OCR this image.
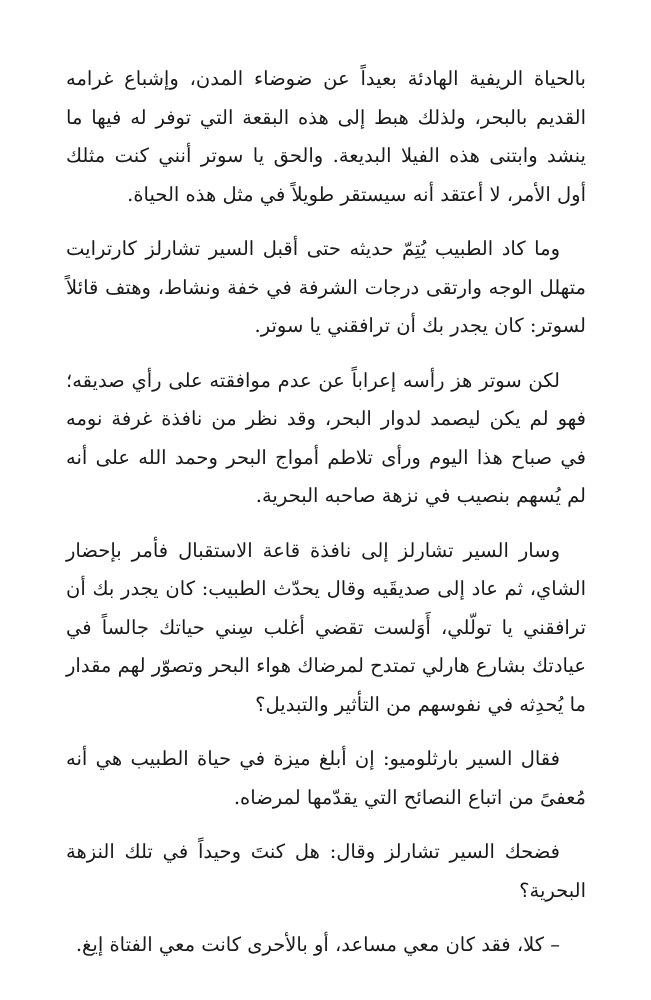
بالحياة الريفية الهادئة بعيداً عن ضوضاء المدن، وإشباع غرامه القديم بالبحر، ولذلك هبط إلى هذه البقعة التي توفر له فيها ما ينشد وابتنى هذه الفيلا البديعة. والحق يا سوتر أنني كنت مثلك أول الأمر، لا أعتقد أنه سيستقر طويلاً في مثل هذه الحياة.

وما كاد الطبيب يُتِمّ حديثه حتى أقبل السير تشارلز كارترايت متهلل الوجه وارتقى درجات الشرفة في خفة ونشاط، وهتف قائلاً لسوتر: كان يجدر بك أن ترافقني يا سوتر.

لكن سوتر هز رأسه إعراباً عن عدم موافقته على رأي صديقه؛ فهو لم يكن ليصمد لدوار البحر، وقد نظر من نافذة غرفة نومه في صباح هذا اليوم ورأى تلاطم أمواج البحر وحمد الله على أنه لم يُسهم بنصيب في نزهة صاحبه البحرية.

وسار السير تشارلز إلى نافذة قاعة الاستقبال فأمر بإحضار الشاي، ثم عاد إلى صديقَيه وقال يحدّث الطبيب: كان يجدر بك أن ترافقني يا تولّلي، أَوَلست تقضي أغلب سِني حياتك جالساً في عيادتك بشارع هارلي تمتدح لمرضاك هواء البحر وتصوّر لهم مقدار ما يُحدِثه في نفوسهم من التأثير والتبديل؟

فقال السير بارثلوميو: إن أبلغ ميزة في حياة الطبيب هي أنه مُعفىً من اتباع النصائح التي يقدّمها لمرضاه.

فضحك السير تشارلز وقال: هل كنتَ وحيداً في تلك النزهة البحرية؟

– كلا، فقد كان معي مساعد، أو بالأحرى كانت معي الفتاة إيغ.
